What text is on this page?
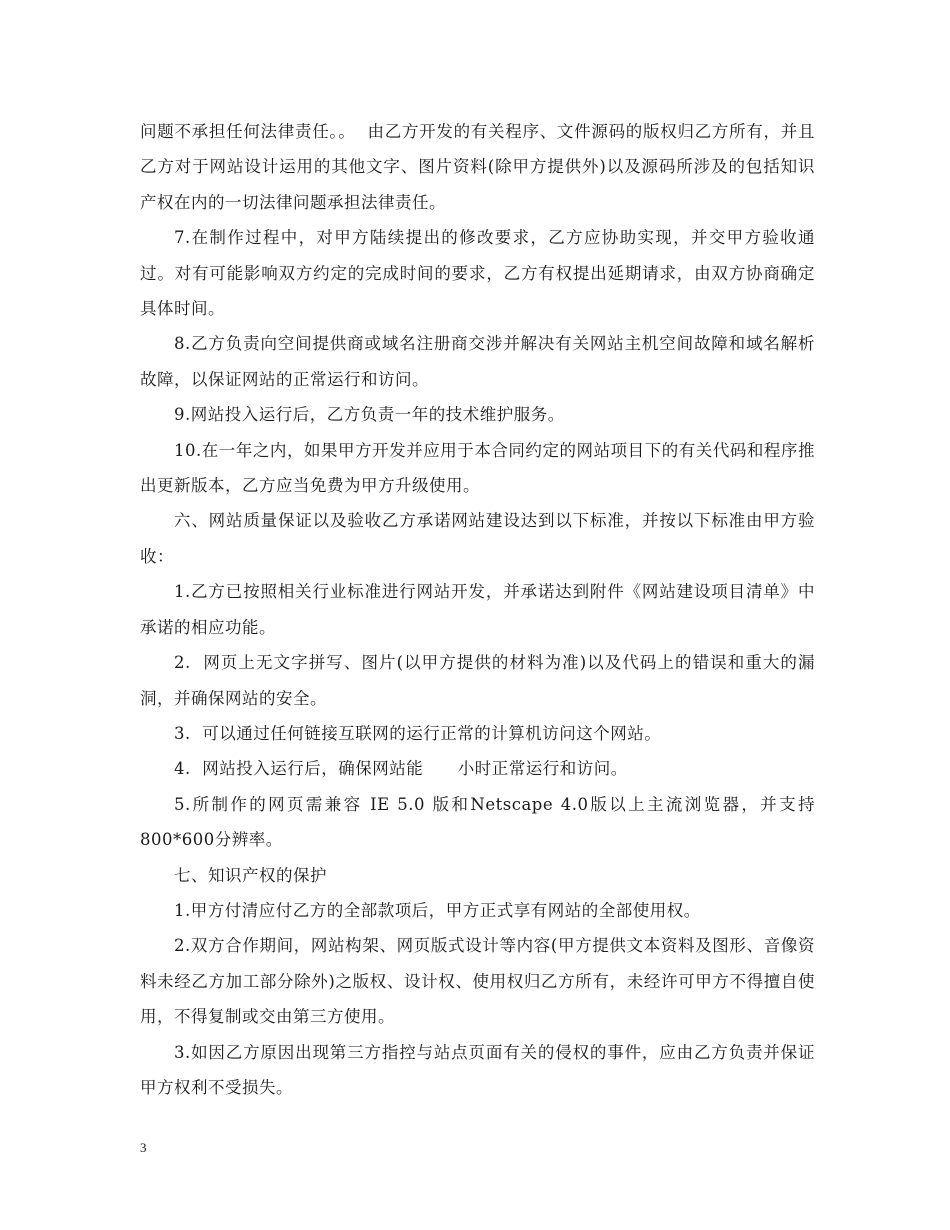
问题不承担任何法律责任。。  由乙方开发的有关程序、文件源码的版权归乙方所有，并且乙方对于网站设计运用的其他文字、图片资料(除甲方提供外)以及源码所涉及的包括知识产权在内的一切法律问题承担法律责任。

7.在制作过程中，对甲方陆续提出的修改要求，乙方应协助实现，并交甲方验收通过。对有可能影响双方约定的完成时间的要求，乙方有权提出延期请求，由双方协商确定具体时间。

8.乙方负责向空间提供商或域名注册商交涉并解决有关网站主机空间故障和域名解析故障，以保证网站的正常运行和访问。

9.网站投入运行后，乙方负责一年的技术维护服务。

10.在一年之内，如果甲方开发并应用于本合同约定的网站项目下的有关代码和程序推出更新版本，乙方应当免费为甲方升级使用。

六、网站质量保证以及验收乙方承诺网站建设达到以下标准，并按以下标准由甲方验收：

1.乙方已按照相关行业标准进行网站开发，并承诺达到附件《网站建设项目清单》中承诺的相应功能。

2.  网页上无文字拼写、图片(以甲方提供的材料为准)以及代码上的错误和重大的漏洞，并确保网站的安全。

3.  可以通过任何链接互联网的运行正常的计算机访问这个网站。

4.  网站投入运行后，确保网站能      小时正常运行和访问。

5.所制作的网页需兼容 IE 5.0 版和Netscape 4.0版以上主流浏览器，并支持800*600分辨率。

七、知识产权的保护

1.甲方付清应付乙方的全部款项后，甲方正式享有网站的全部使用权。

2.双方合作期间，网站构架、网页版式设计等内容(甲方提供文本资料及图形、音像资料未经乙方加工部分除外)之版权、设计权、使用权归乙方所有，未经许可甲方不得擅自使用，不得复制或交由第三方使用。

3.如因乙方原因出现第三方指控与站点页面有关的侵权的事件，应由乙方负责并保证甲方权利不受损失。

3
